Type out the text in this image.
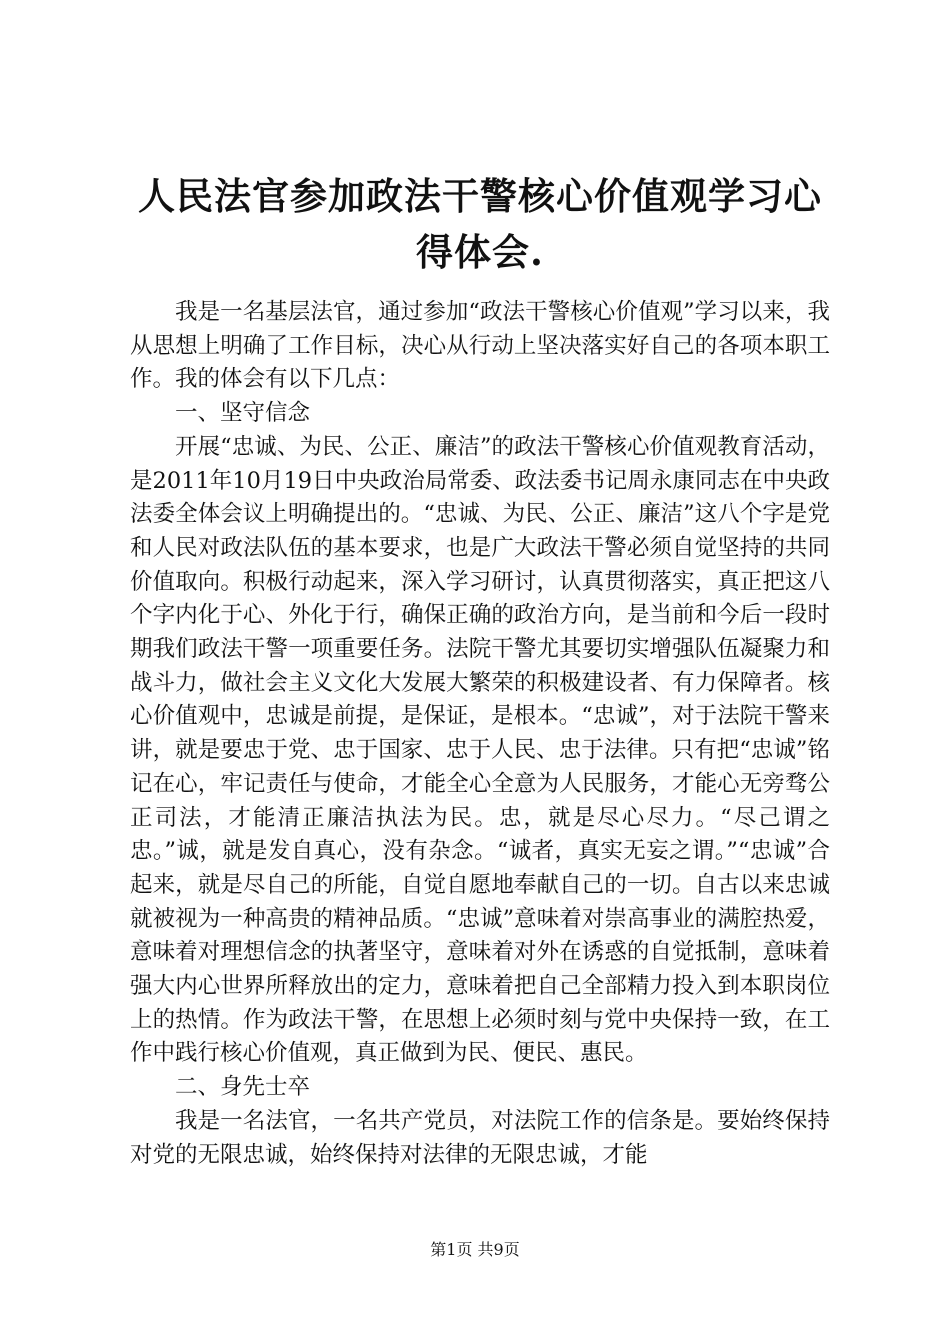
人民法官参加政法干警核心价值观学习心得体会.

我是一名基层法官，通过参加“政法干警核心价值观”学习以来，我从思想上明确了工作目标，决心从行动上坚决落实好自己的各项本职工作。我的体会有以下几点：

一、坚守信念

开展“忠诚、为民、公正、廉洁”的政法干警核心价值观教育活动，是2011年10月19日中央政治局常委、政法委书记周永康同志在中央政法委全体会议上明确提出的。“忠诚、为民、公正、廉洁”这八个字是党和人民对政法队伍的基本要求，也是广大政法干警必须自觉坚持的共同价值取向。积极行动起来，深入学习研讨，认真贯彻落实，真正把这八个字内化于心、外化于行，确保正确的政治方向，是当前和今后一段时期我们政法干警一项重要任务。法院干警尤其要切实增强队伍凝聚力和战斗力，做社会主义文化大发展大繁荣的积极建设者、有力保障者。核心价值观中，忠诚是前提，是保证，是根本。“忠诚”，对于法院干警来讲，就是要忠于党、忠于国家、忠于人民、忠于法律。只有把“忠诚”铭记在心，牢记责任与使命，才能全心全意为人民服务，才能心无旁骛公正司法，才能清正廉洁执法为民。忠，就是尽心尽力。“尽己谓之忠。”诚，就是发自真心，没有杂念。“诚者，真实无妄之谓。”“忠诚”合起来，就是尽自己的所能，自觉自愿地奉献自己的一切。自古以来忠诚就被视为一种高贵的精神品质。“忠诚”意味着对崇高事业的满腔热爱，意味着对理想信念的执著坚守，意味着对外在诱惑的自觉抵制，意味着强大内心世界所释放出的定力，意味着把自己全部精力投入到本职岗位上的热情。作为政法干警，在思想上必须时刻与党中央保持一致，在工作中践行核心价值观，真正做到为民、便民、惠民。

二、身先士卒

我是一名法官，一名共产党员，对法院工作的信条是。要始终保持对党的无限忠诚，始终保持对法律的无限忠诚，才能

第1页 共9页
